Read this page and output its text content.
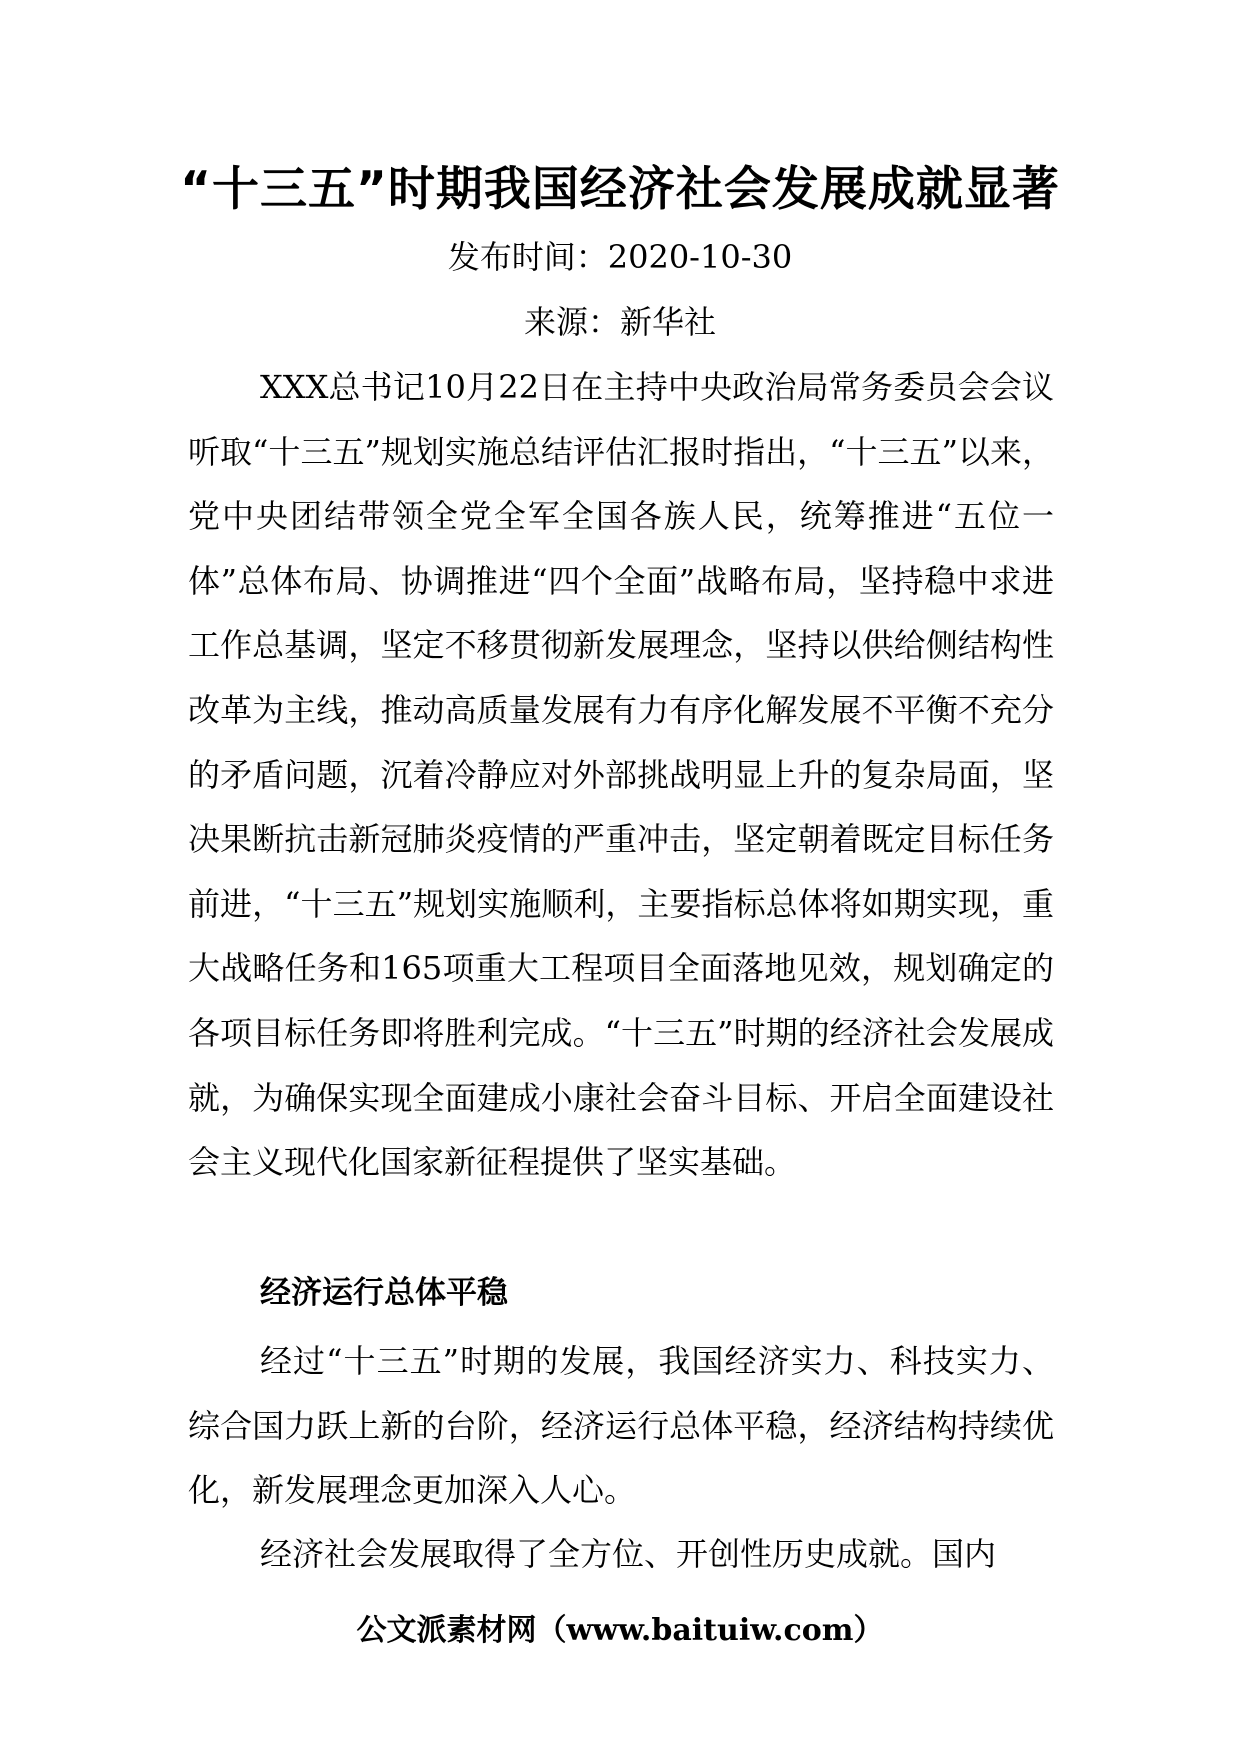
“十三五”时期我国经济社会发展成就显著
发布时间：2020-10-30
来源：新华社

XXX总书记10月22日在主持中央政治局常务委员会会议听取“十三五”规划实施总结评估汇报时指出，“十三五”以来，党中央团结带领全党全军全国各族人民，统筹推进“五位一体”总体布局、协调推进“四个全面”战略布局，坚持稳中求进工作总基调，坚定不移贯彻新发展理念，坚持以供给侧结构性改革为主线，推动高质量发展有力有序化解发展不平衡不充分的矛盾问题，沉着冷静应对外部挑战明显上升的复杂局面，坚决果断抗击新冠肺炎疫情的严重冲击，坚定朝着既定目标任务前进，“十三五”规划实施顺利，主要指标总体将如期实现，重大战略任务和165项重大工程项目全面落地见效，规划确定的各项目标任务即将胜利完成。“十三五”时期的经济社会发展成就，为确保实现全面建成小康社会奋斗目标、开启全面建设社会主义现代化国家新征程提供了坚实基础。

经济运行总体平稳

经过“十三五”时期的发展，我国经济实力、科技实力、综合国力跃上新的台阶，经济运行总体平稳，经济结构持续优化，新发展理念更加深入人心。

经济社会发展取得了全方位、开创性历史成就。国内

公文派素材网（www.baituiw.com）
